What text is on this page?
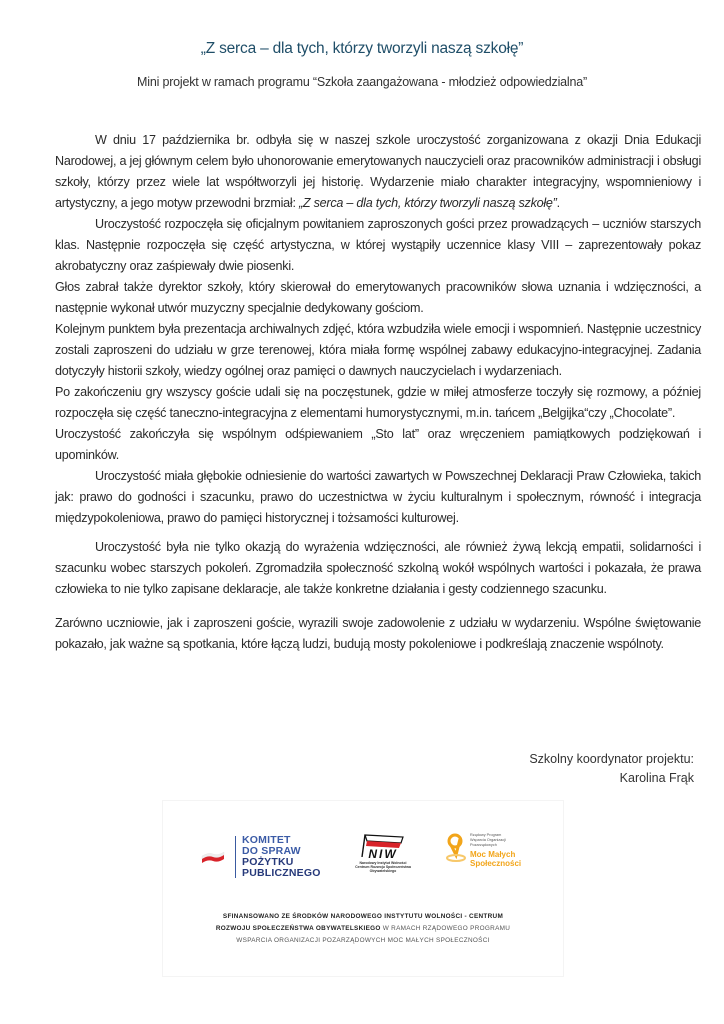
„Z serca – dla tych, którzy tworzyli naszą szkołę”
Mini projekt w ramach programu “Szkoła zaangażowana - młodzież odpowiedzialna”

W dniu 17 października br. odbyła się w naszej szkole uroczystość zorganizowana z okazji Dnia Edukacji Narodowej, a jej głównym celem było uhonorowanie emerytowanych nauczycieli oraz pracowników administracji i obsługi szkoły, którzy przez wiele lat współtworzyli jej historię. Wydarzenie miało charakter integracyjny, wspomnieniowy i artystyczny, a jego motyw przewodni brzmiał: „Z serca – dla tych, którzy tworzyli naszą szkołę”.

Uroczystość rozpoczęła się oficjalnym powitaniem zaproszonych gości przez prowadzących – uczniów starszych klas. Następnie rozpoczęła się część artystyczna, w której wystąpiły uczennice klasy VIII – zaprezentowały pokaz akrobatyczny oraz zaśpiewały dwie piosenki.

Głos zabrał także dyrektor szkoły, który skierował do emerytowanych pracowników słowa uznania i wdzięczności, a następnie wykonał utwór muzyczny specjalnie dedykowany gościom.

Kolejnym punktem była prezentacja archiwalnych zdjęć, która wzbudziła wiele emocji i wspomnień. Następnie uczestnicy zostali zaproszeni do udziału w grze terenowej, która miała formę wspólnej zabawy edukacyjno-integracyjnej. Zadania dotyczyły historii szkoły, wiedzy ogólnej oraz pamięci o dawnych nauczycielach i wydarzeniach.

Po zakończeniu gry wszyscy goście udali się na poczęstunek, gdzie w miłej atmosferze toczyły się rozmowy, a później rozpoczęła się część taneczno-integracyjna z elementami humorystycznymi, m.in. tańcem „Belgijka“czy „Chocolate”.

Uroczystość zakończyła się wspólnym odśpiewaniem „Sto lat” oraz wręczeniem pamiątkowych podziękowań i upominków.

Uroczystość miała głębokie odniesienie do wartości zawartych w Powszechnej Deklaracji Praw Człowieka, takich jak: prawo do godności i szacunku, prawo do uczestnictwa w życiu kulturalnym i społecznym, równość i integracja międzypokoleniowa, prawo do pamięci historycznej i tożsamości kulturowej.

Uroczystość była nie tylko okazją do wyrażenia wdzięczności, ale również żywą lekcją empatii, solidarności i szacunku wobec starszych pokoleń. Zgromadziła społeczność szkolną wokół wspólnych wartości i pokazała, że prawa człowieka to nie tylko zapisane deklaracje, ale także konkretne działania i gesty codziennego szacunku.

Zarówno uczniowie, jak i zaproszeni goście, wyrazili swoje zadowolenie z udziału w wydarzeniu. Wspólne świętowanie pokazało, jak ważne są spotkania, które łączą ludzi, budują mosty pokoleniowe i podkreślają znaczenie wspólnoty.

Szkolny koordynator projektu:
Karolina Frąk
KOMITET
DO SPRAW
POŻYTKU
PUBLICZNEGO
NIW
Narodowy Instytut Wolności
Centrum Rozwoju Społeczeństwa Obywatelskiego
Rządowy Program
Wsparcia Organizacji
Pozarządowych
Moc Małych
Społeczności
SFINANSOWANO ZE ŚRODKÓW NARODOWEGO INSTYTUTU WOLNOŚCI - CENTRUM
ROZWOJU SPOŁECZEŃSTWA OBYWATELSKIEGO W RAMACH RZĄDOWEGO PROGRAMU
WSPARCIA ORGANIZACJI POZARZĄDOWYCH MOC MAŁYCH SPOŁECZNOŚCI
